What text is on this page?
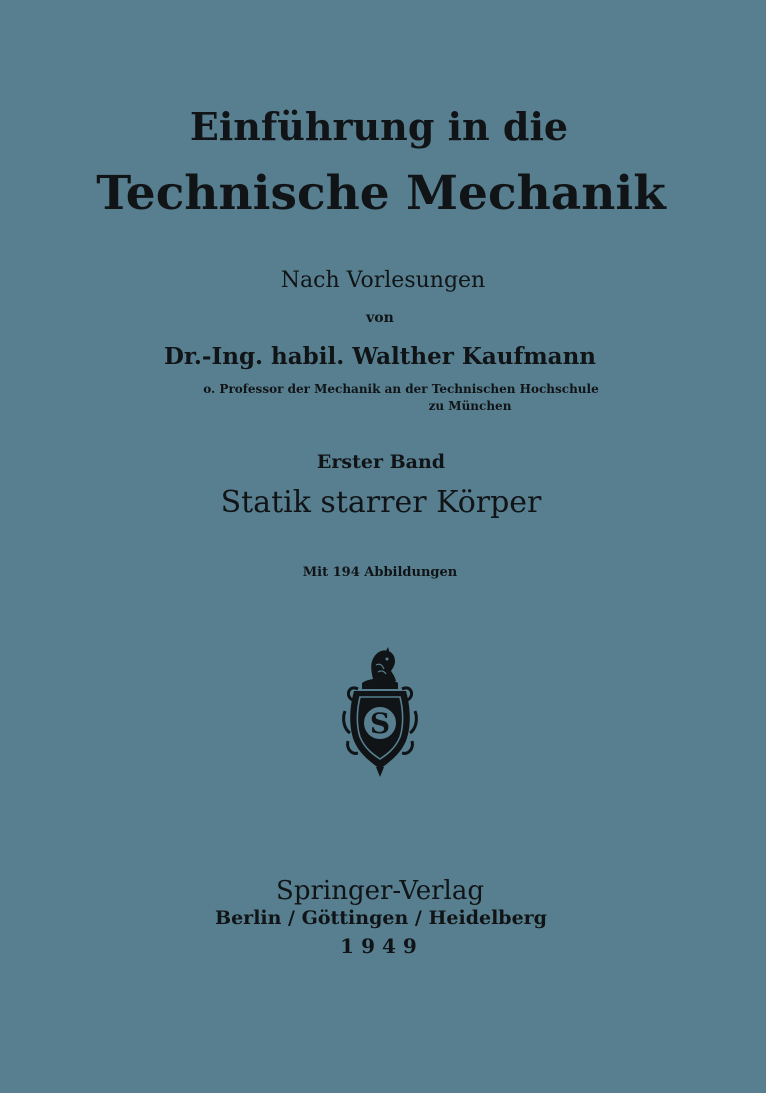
Einführung in die
Technische Mechanik
Nach Vorlesungen
von
Dr.-Ing. habil. Walther Kaufmann
o. Professor der Mechanik an der Technischen Hochschule
zu München
Erster Band
Statik starrer Körper
Mit 194 Abbildungen
S
Springer-Verlag
Berlin / Göttingen / Heidelberg
1949
